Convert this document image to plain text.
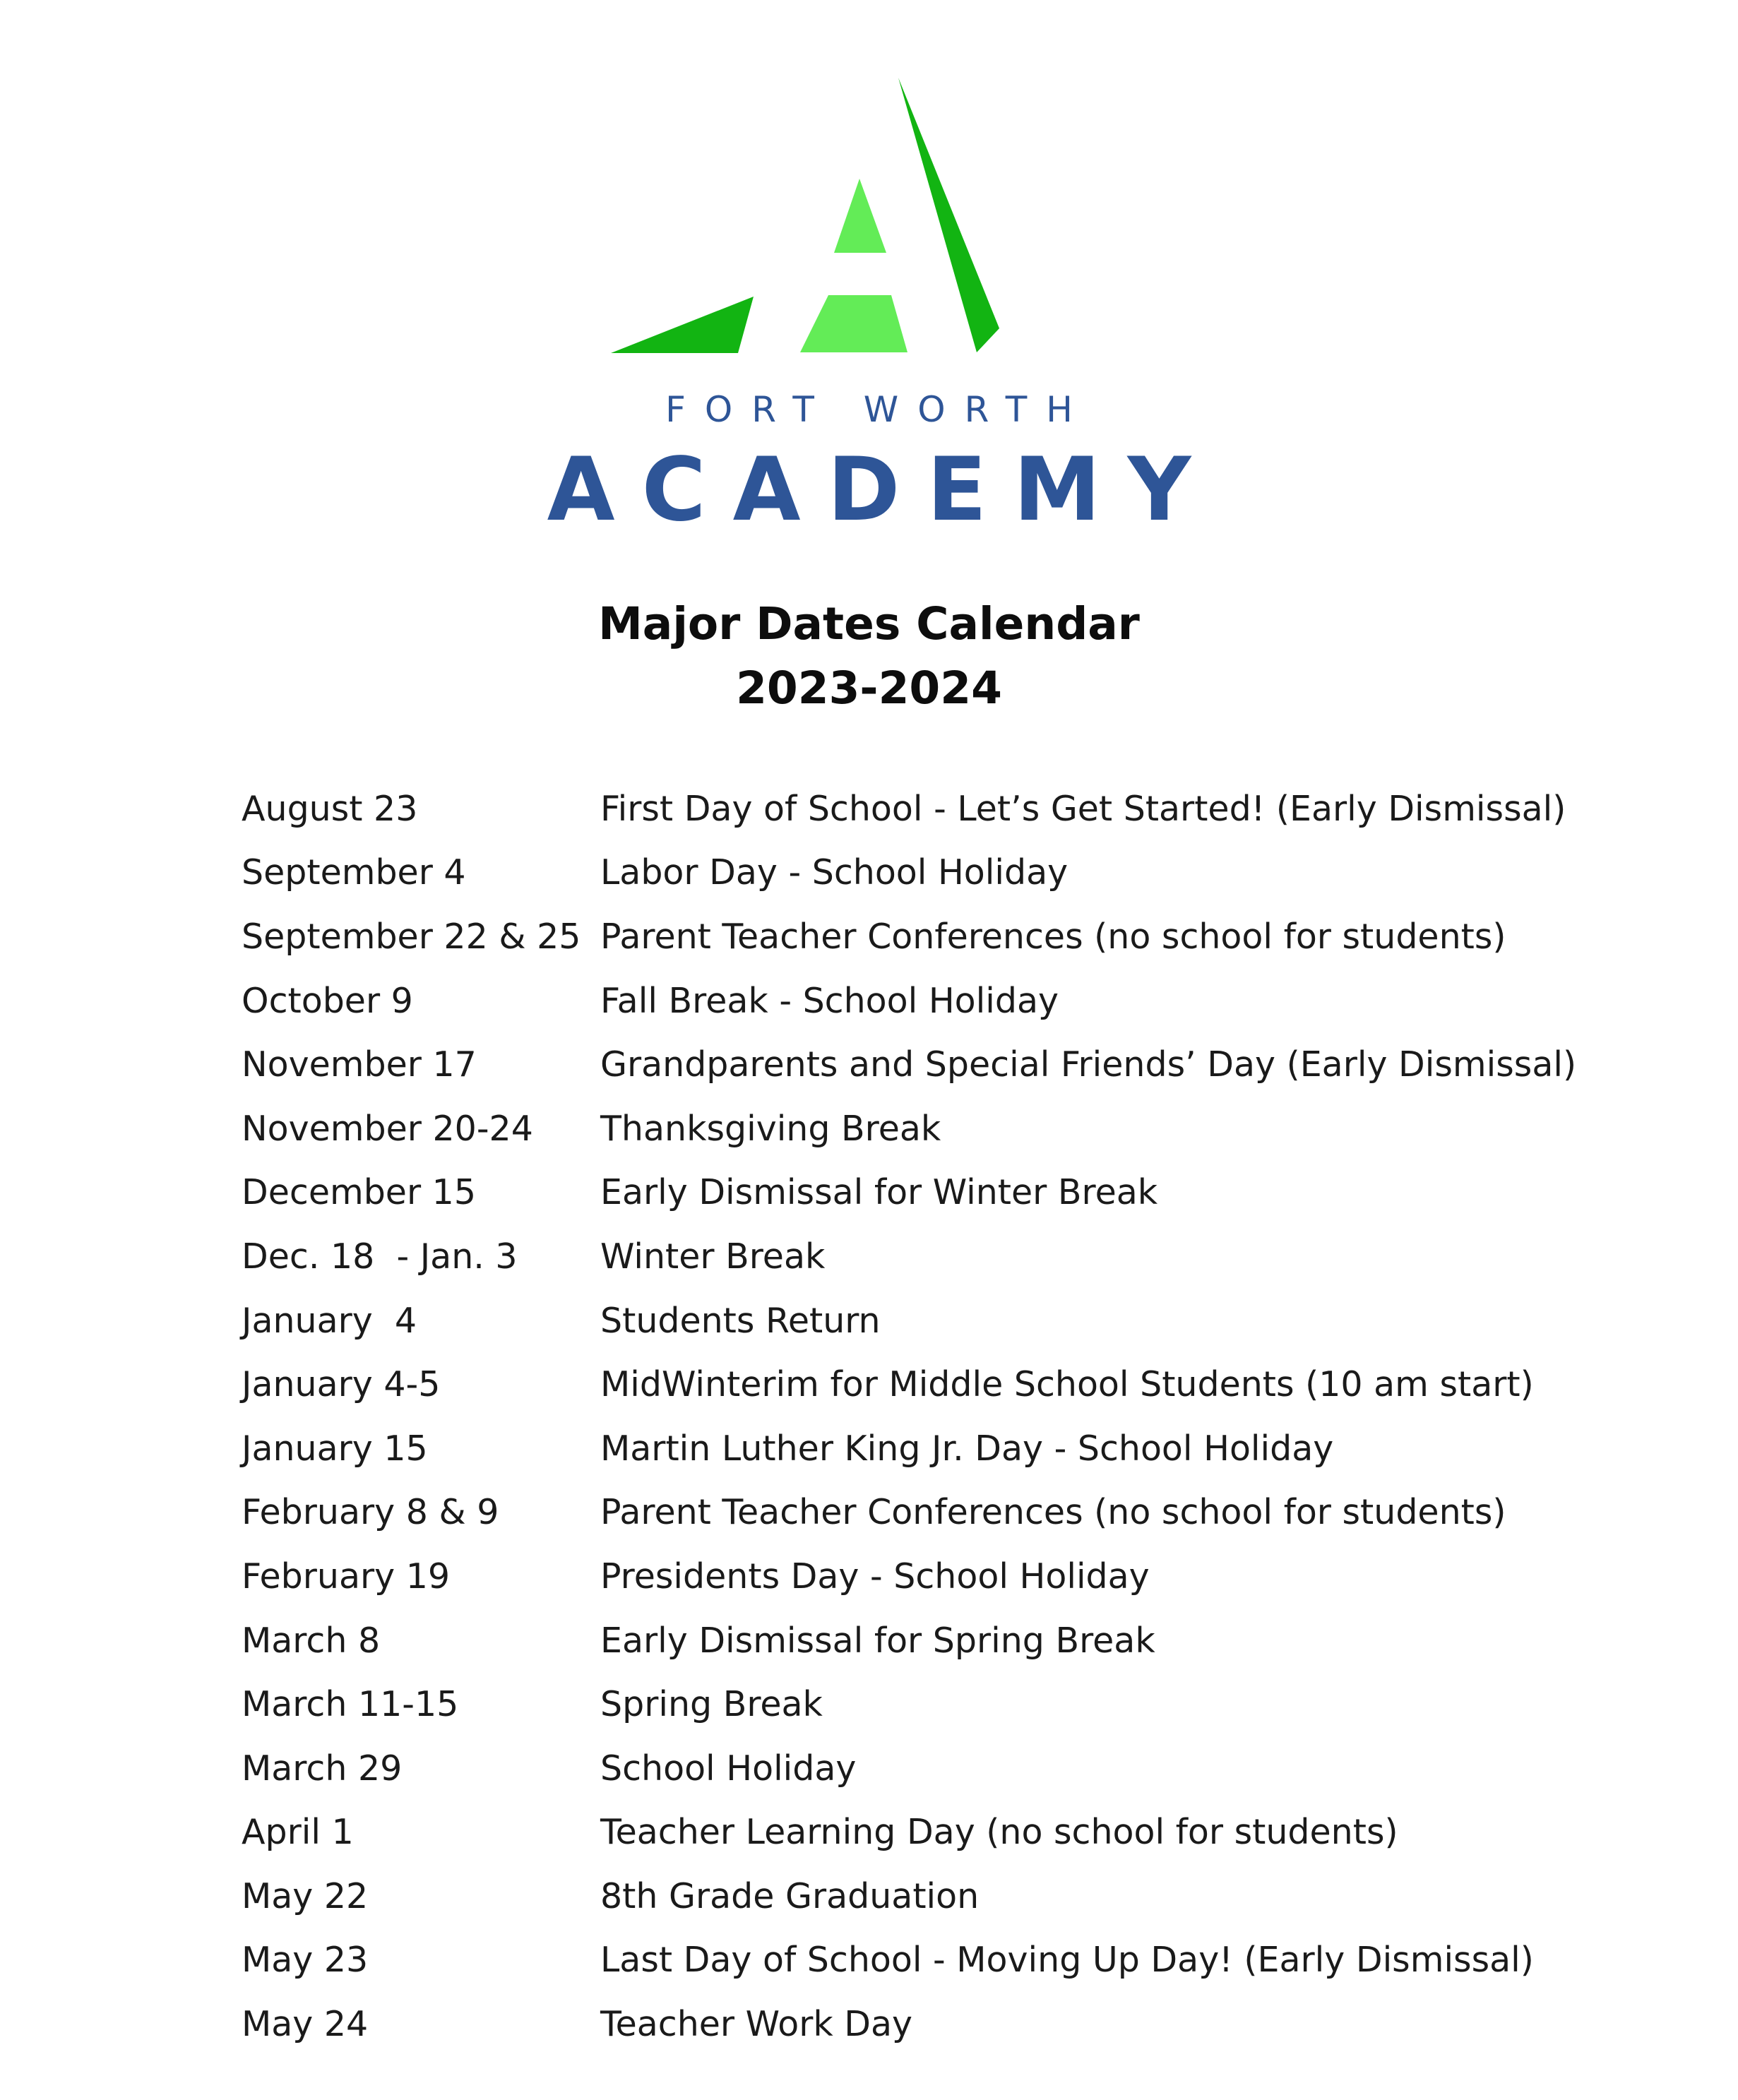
FORT WORTH
ACADEMY
Major Dates Calendar
2023-2024
August 23	First Day of School - Let’s Get Started! (Early Dismissal)
September 4	Labor Day - School Holiday
September 22 & 25 Parent Teacher Conferences (no school for students)
October 9	Fall Break - School Holiday
November 17	Grandparents and Special Friends’ Day (Early Dismissal)
November 20-24	Thanksgiving Break
December 15	Early Dismissal for Winter Break
Dec. 18  - Jan. 3	Winter Break
January  4	Students Return
January 4-5	MidWinterim for Middle School Students (10 am start)
January 15	Martin Luther King Jr. Day - School Holiday
February 8 & 9	Parent Teacher Conferences (no school for students)
February 19	Presidents Day - School Holiday
March 8	Early Dismissal for Spring Break
March 11-15	Spring Break
March 29	School Holiday
April 1	Teacher Learning Day (no school for students)
May 22	8th Grade Graduation
May 23	Last Day of School - Moving Up Day! (Early Dismissal)
May 24	Teacher Work Day
